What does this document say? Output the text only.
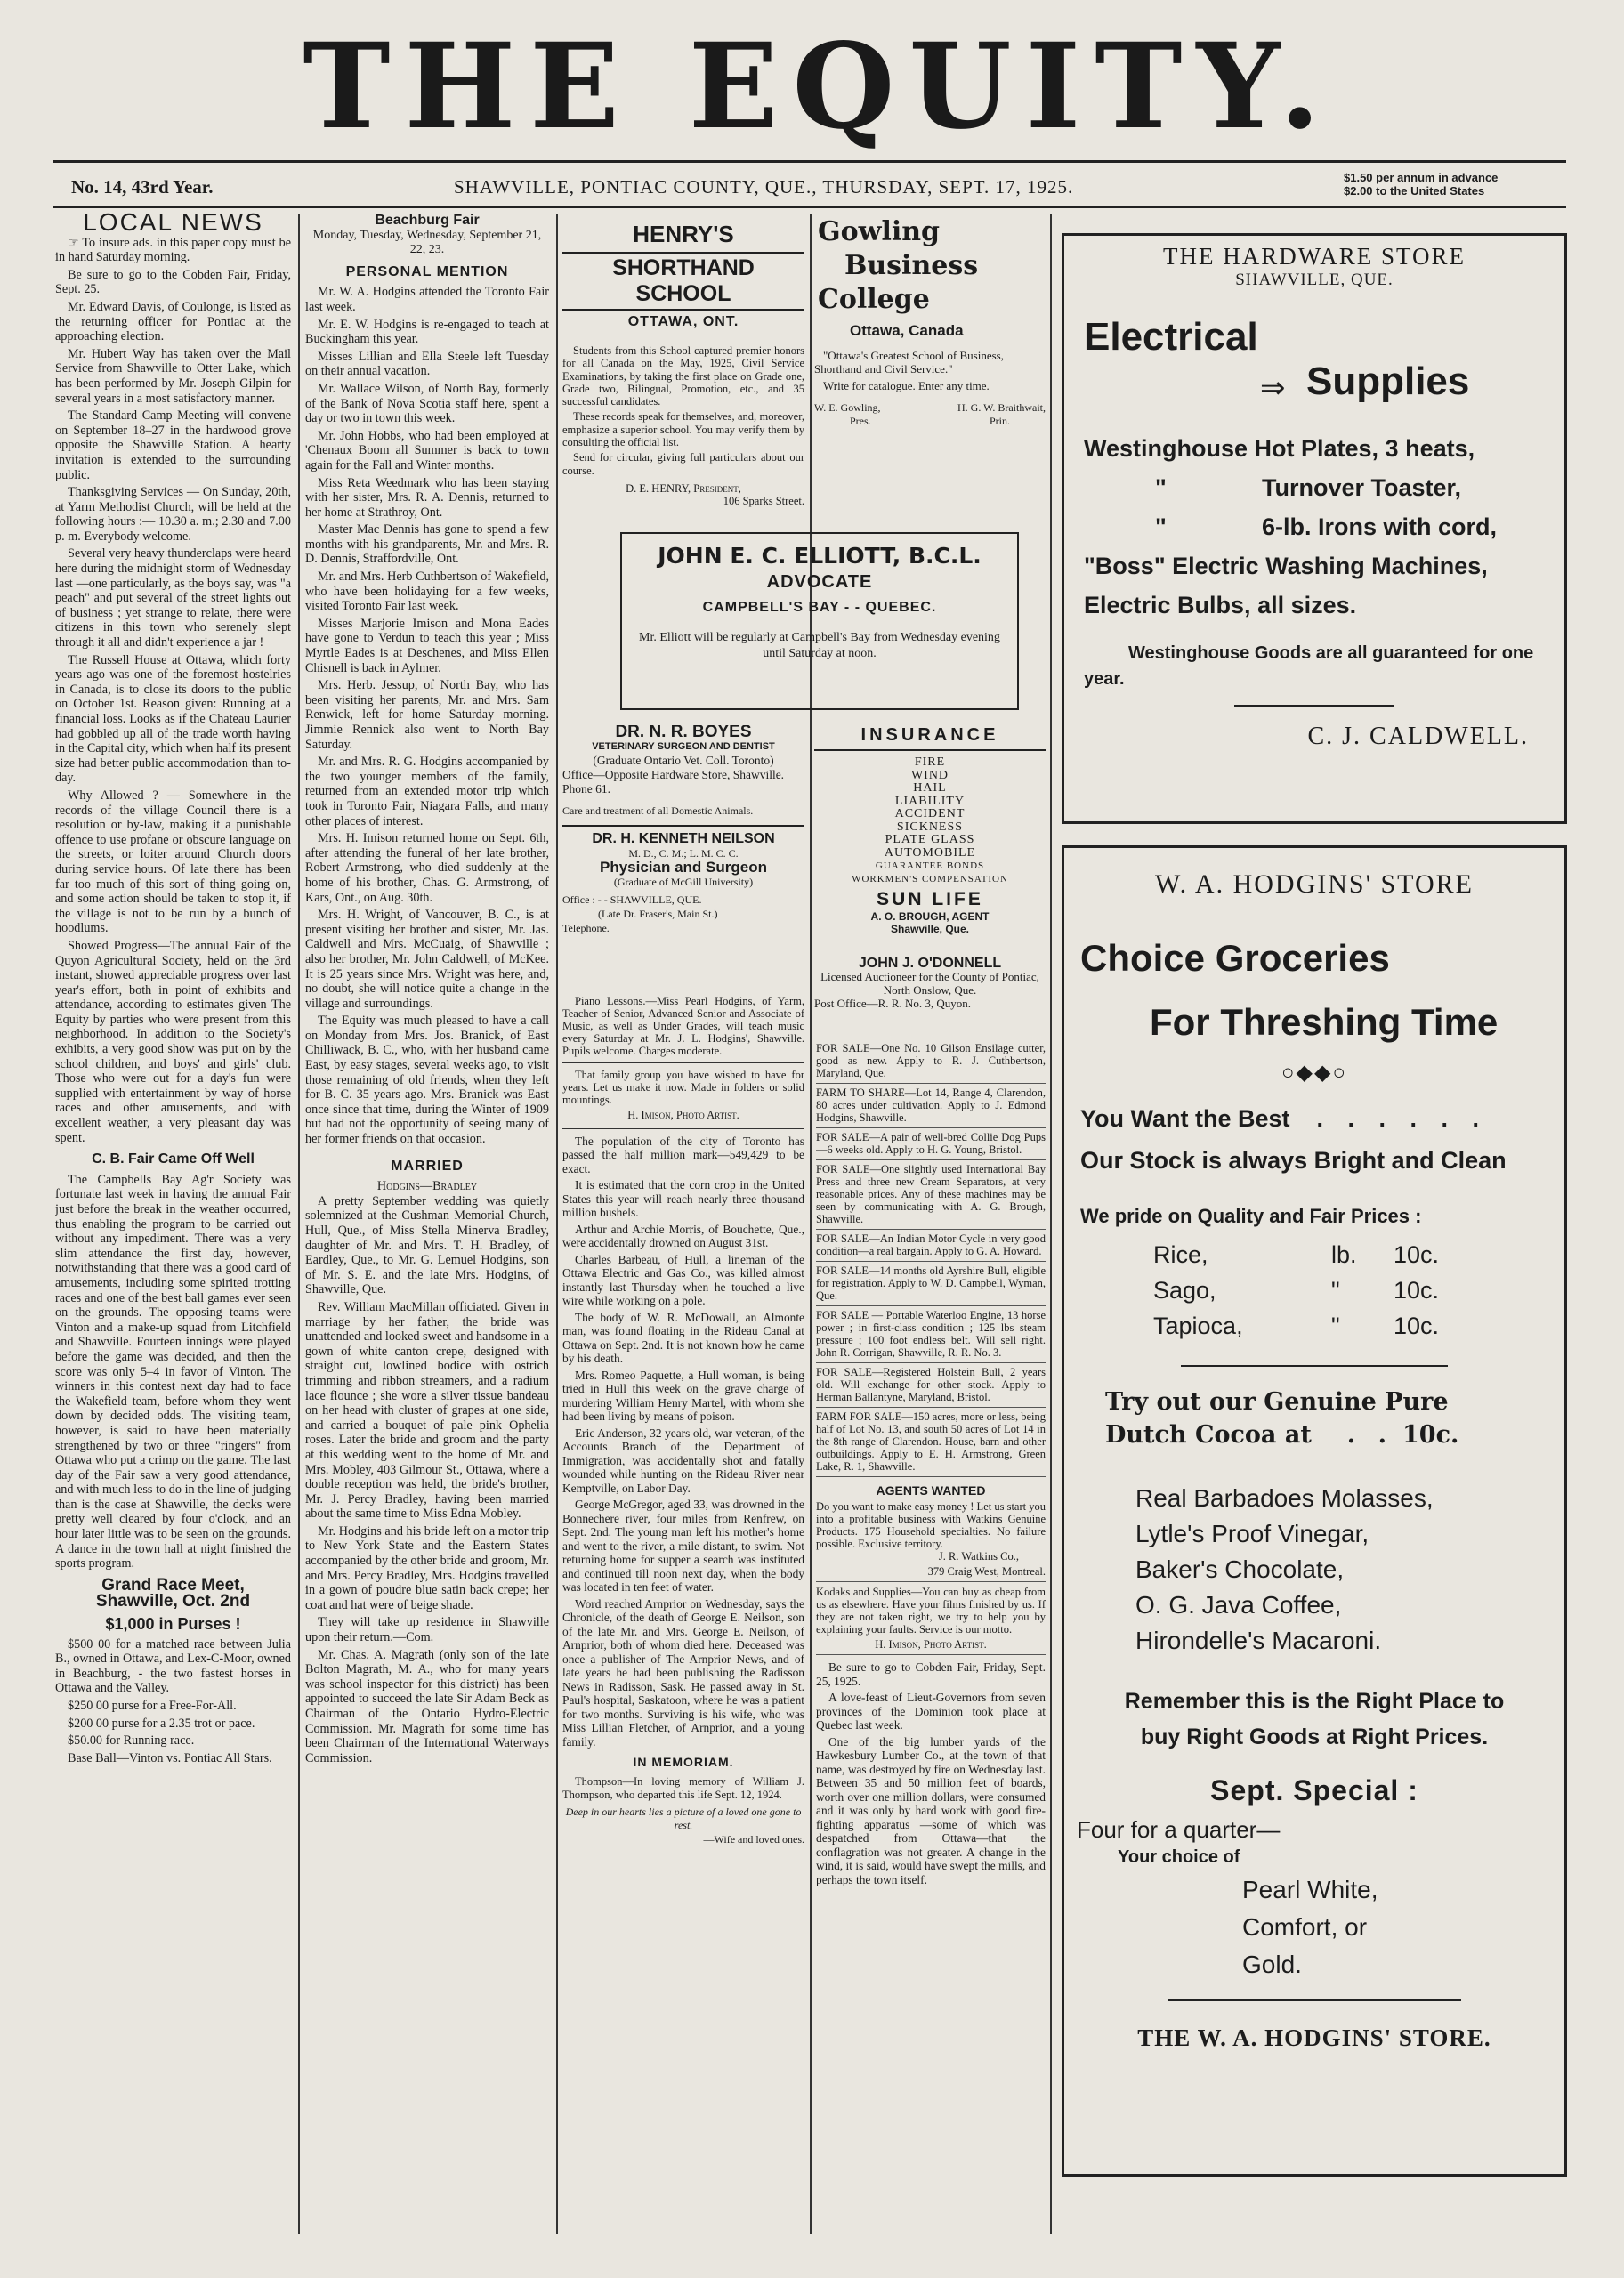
THE EQUITY.
No. 14, 43rd Year.	SHAWVILLE, PONTIAC COUNTY, QUE., THURSDAY, SEPT. 17, 1925.	$1.50 per annum in advance
$2.00 to the United States
LOCAL NEWS

☞ To insure ads. in this paper copy must be in hand Saturday morning.

Be sure to go to the Cobden Fair, Friday, Sept. 25.

Mr. Edward Davis, of Coulonge, is listed as the returning officer for Pontiac at the approaching election.

Mr. Hubert Way has taken over the Mail Service from Shawville to Otter Lake, which has been performed by Mr. Joseph Gilpin for several years in a most satisfactory manner.

The Standard Camp Meeting will convene on September 18–27 in the hardwood grove opposite the Shawville Station. A hearty invitation is extended to the surrounding public.

Thanksgiving Services — On Sunday, 20th, at Yarm Methodist Church, will be held at the following hours :— 10.30 a. m.; 2.30 and 7.00 p. m. Everybody welcome.

Several very heavy thunderclaps were heard here during the midnight storm of Wednesday last —one particularly, as the boys say, was "a peach" and put several of the street lights out of business ; yet strange to relate, there were citizens in this town who serenely slept through it all and didn't experience a jar !

The Russell House at Ottawa, which forty years ago was one of the foremost hostelries in Canada, is to close its doors to the public on October 1st. Reason given: Running at a financial loss. Looks as if the Chateau Laurier had gobbled up all of the trade worth having in the Capital city, which when half its present size had better public accommodation than to-day.

Why Allowed ? — Somewhere in the records of the village Council there is a resolution or by-law, making it a punishable offence to use profane or obscure language on the streets, or loiter around Church doors during service hours. Of late there has been far too much of this sort of thing going on, and some action should be taken to stop it, if the village is not to be run by a bunch of hoodlums.

Showed Progress—The annual Fair of the Quyon Agricultural Society, held on the 3rd instant, showed appreciable progress over last year's effort, both in point of exhibits and attendance, according to estimates given The Equity by parties who were present from this neighborhood. In addition to the Society's exhibits, a very good show was put on by the school children, and boys' and girls' club. Those who were out for a day's fun were supplied with entertainment by way of horse races and other amusements, and with excellent weather, a very pleasant day was spent.

C. B. Fair Came Off Well

The Campbells Bay Ag'r Society was fortunate last week in having the annual Fair just before the break in the weather occurred, thus enabling the program to be carried out without any impediment. There was a very slim attendance the first day, however, notwithstanding that there was a good card of amusements, including some spirited trotting races and one of the best ball games ever seen on the grounds. The opposing teams were Vinton and a make-up squad from Litchfield and Shawville. Fourteen innings were played before the game was decided, and then the score was only 5–4 in favor of Vinton. The winners in this contest next day had to face the Wakefield team, before whom they went down by decided odds. The visiting team, however, is said to have been materially strengthened by two or three "ringers" from Ottawa who put a crimp on the game. The last day of the Fair saw a very good attendance, and with much less to do in the line of judging than is the case at Shawville, the decks were pretty well cleared by four o'clock, and an hour later little was to be seen on the grounds. A dance in the town hall at night finished the sports program.

Grand Race Meet,
Shawville, Oct. 2nd
$1,000 in Purses !

$500 00 for a matched race between Julia B., owned in Ottawa, and Lex-C-Moor, owned in Beachburg, - the two fastest horses in Ottawa and the Valley.

$250 00 purse for a Free-For-All.

$200 00 purse for a 2.35 trot or pace.

$50.00 for Running race.

Base Ball—Vinton vs. Pontiac All Stars.

Beachburg Fair
Monday, Tuesday, Wednesday, September 21, 22, 23.
PERSONAL MENTION

Mr. W. A. Hodgins attended the Toronto Fair last week.

Mr. E. W. Hodgins is re-engaged to teach at Buckingham this year.

Misses Lillian and Ella Steele left Tuesday on their annual vacation.

Mr. Wallace Wilson, of North Bay, formerly of the Bank of Nova Scotia staff here, spent a day or two in town this week.

Mr. John Hobbs, who had been employed at 'Chenaux Boom all Summer is back to town again for the Fall and Winter months.

Miss Reta Weedmark who has been staying with her sister, Mrs. R. A. Dennis, returned to her home at Strathroy, Ont.

Master Mac Dennis has gone to spend a few months with his grandparents, Mr. and Mrs. R. D. Dennis, Straffordville, Ont.

Mr. and Mrs. Herb Cuthbertson of Wakefield, who have been holidaying for a few weeks, visited Toronto Fair last week.

Misses Marjorie Imison and Mona Eades have gone to Verdun to teach this year ; Miss Myrtle Eades is at Deschenes, and Miss Ellen Chisnell is back in Aylmer.

Mrs. Herb. Jessup, of North Bay, who has been visiting her parents, Mr. and Mrs. Sam Renwick, left for home Saturday morning. Jimmie Rennick also went to North Bay Saturday.

Mr. and Mrs. R. G. Hodgins accompanied by the two younger members of the family, returned from an extended motor trip which took in Toronto Fair, Niagara Falls, and many other places of interest.

Mrs. H. Imison returned home on Sept. 6th, after attending the funeral of her late brother, Robert Armstrong, who died suddenly at the home of his brother, Chas. G. Armstrong, of Kars, Ont., on Aug. 30th.

Mrs. H. Wright, of Vancouver, B. C., is at present visiting her brother and sister, Mr. Jas. Caldwell and Mrs. McCuaig, of Shawville ; also her brother, Mr. John Caldwell, of McKee. It is 25 years since Mrs. Wright was here, and, no doubt, she will notice quite a change in the village and surroundings.

The Equity was much pleased to have a call on Monday from Mrs. Jos. Branick, of East Chilliwack, B. C., who, with her husband came East, by easy stages, several weeks ago, to visit those remaining of old friends, when they left for B. C. 35 years ago. Mrs. Branick was East once since that time, during the Winter of 1909 but had not the opportunity of seeing many of her former friends on that occasion.

MARRIED
Hodgins—Bradley

A pretty September wedding was quietly solemnized at the Cushman Memorial Church, Hull, Que., of Miss Stella Minerva Bradley, daughter of Mr. and Mrs. T. H. Bradley, of Eardley, Que., to Mr. G. Lemuel Hodgins, son of Mr. S. E. and the late Mrs. Hodgins, of Shawville, Que.

Rev. William MacMillan officiated. Given in marriage by her father, the bride was unattended and looked sweet and handsome in a gown of white canton crepe, designed with straight cut, lowlined bodice with ostrich trimming and ribbon streamers, and a radium lace flounce ; she wore a silver tissue bandeau on her head with cluster of grapes at one side, and carried a bouquet of pale pink Ophelia roses. Later the bride and groom and the party at this wedding went to the home of Mr. and Mrs. Mobley, 403 Gilmour St., Ottawa, where a double reception was held, the bride's brother, Mr. J. Percy Bradley, having been married about the same time to Miss Edna Mobley.

Mr. Hodgins and his bride left on a motor trip to New York State and the Eastern States accompanied by the other bride and groom, Mr. and Mrs. Percy Bradley, Mrs. Hodgins travelled in a gown of poudre blue satin back crepe; her coat and hat were of beige shade.

They will take up residence in Shawville upon their return.—Com.

Mr. Chas. A. Magrath (only son of the late Bolton Magrath, M. A., who for many years was school inspector for this district) has been appointed to succeed the late Sir Adam Beck as Chairman of the Ontario Hydro-Electric Commission. Mr. Magrath for some time has been Chairman of the International Waterways Commission.

HENRY'S
SHORTHAND SCHOOL
OTTAWA, ONT.

Students from this School captured premier honors for all Canada on the May, 1925, Civil Service Examinations, by taking the first place on Grade one, Grade two, Bilingual, Promotion, etc., and 35 successful candidates.

These records speak for themselves, and, moreover, emphasize a superior school. You may verify them by consulting the official list.

Send for circular, giving full particulars about our course.

D. E. HENRY, President,
106 Sparks Street.
Gowling
Business
College
Ottawa, Canada

"Ottawa's Greatest School of Business, Shorthand and Civil Service."

Write for catalogue. Enter any time.

W. E. Gowling,	H. G. W. Braithwait,
Pres.	Prin.
JOHN E. C. ELLIOTT, B.C.L.
ADVOCATE
CAMPBELL'S BAY - - QUEBEC.
Mr. Elliott will be regularly at Campbell's Bay from Wednesday evening until Saturday at noon.
DR. N. R. BOYES
VETERINARY SURGEON AND DENTIST
(Graduate Ontario Vet. Coll. Toronto)
Office—Opposite Hardware Store, Shawville. Phone 61.
Care and treatment of all Domestic Animals.
DR. H. KENNETH NEILSON
M. D., C. M.; L. M. C. C.
Physician and Surgeon
(Graduate of McGill University)
Office : - - SHAWVILLE, QUE.
(Late Dr. Fraser's, Main St.)
Telephone.
INSURANCE
FIRE
WIND
HAIL
LIABILITY
ACCIDENT
SICKNESS
PLATE GLASS
AUTOMOBILE
GUARANTEE BONDS
WORKMEN'S COMPENSATION
SUN LIFE
A. O. BROUGH, AGENT
Shawville, Que.
JOHN J. O'DONNELL
Licensed Auctioneer for the County of Pontiac,
North Onslow, Que.
Post Office—R. R. No. 3, Quyon.

Piano Lessons.—Miss Pearl Hodgins, of Yarm, Teacher of Senior, Advanced Senior and Associate of Music, as well as Under Grades, will teach music every Saturday at Mr. J. L. Hodgins', Shawville. Pupils welcome. Charges moderate.

That family group you have wished to have for years. Let us make it now. Made in folders or solid mountings.

H. Imison, Photo Artist.

The population of the city of Toronto has passed the half million mark—549,429 to be exact.

It is estimated that the corn crop in the United States this year will reach nearly three thousand million bushels.

Arthur and Archie Morris, of Bouchette, Que., were accidentally drowned on August 31st.

Charles Barbeau, of Hull, a lineman of the Ottawa Electric and Gas Co., was killed almost instantly last Thursday when he touched a live wire while working on a pole.

The body of W. R. McDowall, an Almonte man, was found floating in the Rideau Canal at Ottawa on Sept. 2nd. It is not known how he came by his death.

Mrs. Romeo Paquette, a Hull woman, is being tried in Hull this week on the grave charge of murdering William Henry Martel, with whom she had been living by means of poison.

Eric Anderson, 32 years old, war veteran, of the Accounts Branch of the Department of Immigration, was accidentally shot and fatally wounded while hunting on the Rideau River near Kemptville, on Labor Day.

George McGregor, aged 33, was drowned in the Bonnechere river, four miles from Renfrew, on Sept. 2nd. The young man left his mother's home and went to the river, a mile distant, to swim. Not returning home for supper a search was instituted and continued till noon next day, when the body was located in ten feet of water.

Word reached Arnprior on Wednesday, says the Chronicle, of the death of George E. Neilson, son of the late Mr. and Mrs. George E. Neilson, of Arnprior, both of whom died here. Deceased was once a publisher of The Arnprior News, and of late years he had been publishing the Radisson News in Radisson, Sask. He passed away in St. Paul's hospital, Saskatoon, where he was a patient for two months. Surviving is his wife, who was Miss Lillian Fletcher, of Arnprior, and a young family.

IN MEMORIAM.

Thompson—In loving memory of William J. Thompson, who departed this life Sept. 12, 1924.

Deep in our hearts lies a picture of a loved one gone to rest.
—Wife and loved ones.
FOR SALE—One No. 10 Gilson Ensilage cutter, good as new. Apply to R. J. Cuthbertson, Maryland, Que.
FARM TO SHARE—Lot 14, Range 4, Clarendon, 80 acres under cultivation. Apply to J. Edmond Hodgins, Shawville.
FOR SALE—A pair of well-bred Collie Dog Pups—6 weeks old. Apply to H. G. Young, Bristol.
FOR SALE—One slightly used International Bay Press and three new Cream Separators, at very reasonable prices. Any of these machines may be seen by communicating with A. G. Brough, Shawville.
FOR SALE—An Indian Motor Cycle in very good condition—a real bargain. Apply to G. A. Howard.
FOR SALE—14 months old Ayrshire Bull, eligible for registration. Apply to W. D. Campbell, Wyman, Que.
FOR SALE — Portable Waterloo Engine, 13 horse power ; in first-class condition ; 125 lbs steam pressure ; 100 foot endless belt. Will sell right. John R. Corrigan, Shawville, R. R. No. 3.
FOR SALE—Registered Holstein Bull, 2 years old. Will exchange for other stock. Apply to Herman Ballantyne, Maryland, Bristol.
FARM FOR SALE—150 acres, more or less, being half of Lot No. 13, and south 50 acres of Lot 14 in the 8th range of Clarendon. House, barn and other outbuildings. Apply to E. H. Armstrong, Green Lake, R. 1, Shawville.
AGENTS WANTED
Do you want to make easy money ! Let us start you into a profitable business with Watkins Genuine Products. 175 Household specialties. No failure possible. Exclusive territory.
J. R. Watkins Co.,
379 Craig West, Montreal.
Kodaks and Supplies—You can buy as cheap from us as elsewhere. Have your films finished by us. If they are not taken right, we try to help you by explaining your faults. Service is our motto.
H. Imison, Photo Artist.

Be sure to go to Cobden Fair, Friday, Sept. 25, 1925.

A love-feast of Lieut-Governors from seven provinces of the Dominion took place at Quebec last week.

One of the big lumber yards of the Hawkesbury Lumber Co., at the town of that name, was destroyed by fire on Wednesday last. Between 35 and 50 million feet of boards, worth over one million dollars, were consumed and it was only by hard work with good fire-fighting apparatus —some of which was despatched from Ottawa—that the conflagration was not greater. A change in the wind, it is said, would have swept the mills, and perhaps the town itself.

THE HARDWARE STORE
SHAWVILLE, QUE.
Electrical
⇒ Supplies
Westinghouse Hot Plates, 3 heats,
"	Turnover Toaster,
"	6-lb. Irons with cord,
"Boss" Electric Washing Machines,
Electric Bulbs, all sizes.
Westinghouse Goods are all guaranteed for one year.
C. J. CALDWELL.
W. A. HODGINS' STORE
Choice Groceries
For Threshing Time
○◆◆○
You Want the Best . . . . . .
Our Stock is always Bright and Clean
We pride on Quality and Fair Prices :
Rice,	lb. 10c.
Sago,	" 10c.
Tapioca,	" 10c.
Try out our Genuine Pure
Dutch Cocoa at . . 10c.
Real Barbadoes Molasses,
Lytle's Proof Vinegar,
Baker's Chocolate,
O. G. Java Coffee,
Hirondelle's Macaroni.
Remember this is the Right Place to
buy Right Goods at Right Prices.
Sept. Special :
Four for a quarter—
Your choice of
Pearl White,
Comfort, or
Gold.
THE W. A. HODGINS' STORE.
